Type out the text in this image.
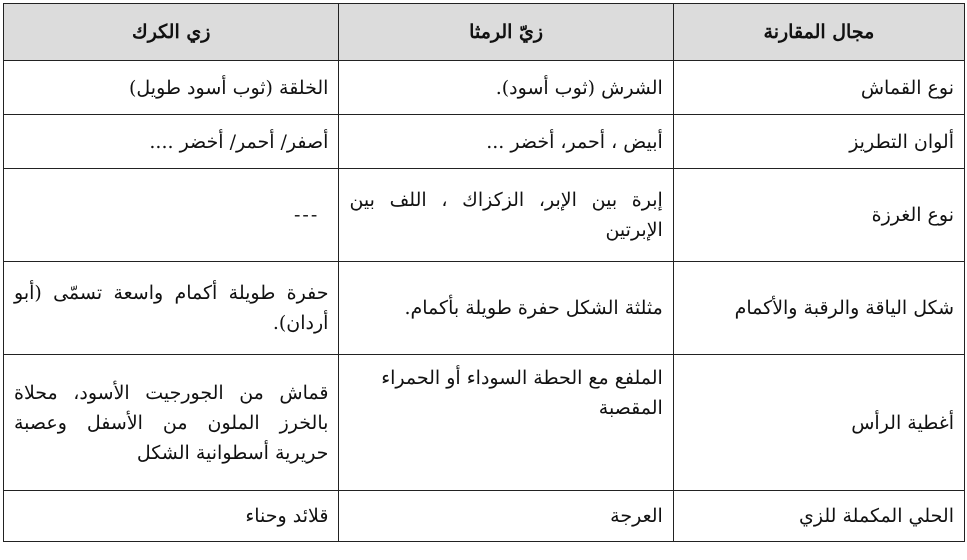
مجال المقارنة	زيّ الرمثا	زي الكرك

نوع القماش	الشرش (ثوب أسود).	الخلقة (ثوب أسود طويل)

ألوان التطريز	أبيض ، أحمر، أخضر ...	أصفر/ أحمر/ أخضر ....

نوع الغرزة	إبرة بين الإبر، الزكزاك ، اللف بين الإبرتين	---

شكل الياقة والرقبة والأكمام	مثلثة الشكل حفرة طويلة بأكمام.	حفرة طويلة أكمام واسعة تسمّى (أبو أردان).

أغطية الرأس	الملفع مع الحطة السوداء أو الحمراء المقصبة	قماش من الجورجيت الأسود، محلاة بالخرز الملون من الأسفل وعصبة حريرية أسطوانية الشكل

الحلي المكملة للزي	العرجة	قلائد وحناء
